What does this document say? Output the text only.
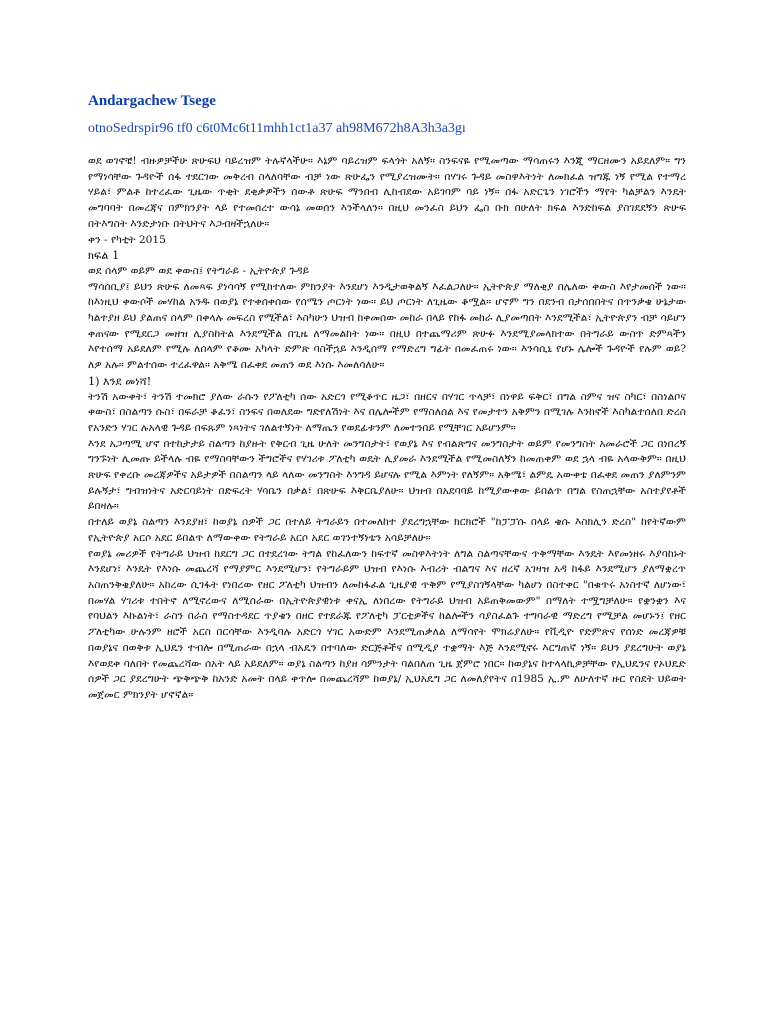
Andargachew Tsege
otnoSedrspir96 tf0 c6t0Mc6t11mhh1ct1a37 ah98M672h8A3h3a3gı

ወደ ወገኖቼ! ብዙዎቻችሁ ጽሁፍህ ባይረዝም ትሉኛላችሁ። እኔም ባይረዝም ፍላጎት አለኝ። ስንፍናዬ የሚመጣው ማሳጠሩን እንጂ ማርዘሙን አይደለም። ግን የማነሳቸው ጉዳዮች ሰፋ ተደርገው መቅረብ ስላለባቸው ብቻ ነው ጽሁፌን የሚያረዝሙት። በሃገሩ ጉዳይ መስዋእትነት ለመክፈል ዝግጁ ነኝ የሚል የተማረ ሃይል፣ ምልቶ ከተረፈው ጊዜው ጥቂት ደቂቃዎችን ሰውቶ ጽሁፍ ማንበብ ሊከብደው አይገባም ባይ ነኝ። ሰፋ አድርጌን ነገሮችን ማየት ካልቻልን እንዴት መግባባት በመረጃና በምክንያት ላይ የተመሰረተ ውሳኔ መወሰን እንችላለን። በዚህ መንፈስ ይህን ፌስ ቡክ በሁለት ክፍል እንድከፍል ያስገደደኝን ጽሁፍ በትእግስት እንድታነቡ በትህትና እጋብዛችኋለሁ።

ቀን - የካቲት 2015

ክፍል 1

ወደ ሰላም ወይም ወደ ቀውስ፤ የትግራይ - ኢትዮጵያ ጉዳይ

ማሳሰቢያ፤ ይህን ጽሁፍ ለመጻፍ ያነሳሳኝ የሚከተለው ምክንያት እንደሆነ እንዲታወቅልኝ እፈልጋለሁ። ኢትዮጵያ ማለቂያ በሌለው ቀውስ እየታመሰች ነው። ከእነዚህ ቀውሶች መሃከል አንዱ በወያኔ የተቀሰቀሰው የሰሜን ጦርነት ነው። ይህ ጦርነት ለጊዜው ቆሟል። ሆኖም ግን በደንብ በታሰበበትና በጥንቃቄ ሁኔታው ካልተያዘ ይህ ያልጠና ሰላም በቀላሉ መፍረስ የሚችል፣ እስካሁን ህዝብ ከቀመሰው መከራ በላይ የከፋ መከራ ሊያመጣበት እንደሚችል፣ ኢትዮጵያን ብቻ ሳይሆን ቀጠናው የሚደርጋ መዘዝ ሊያስከትል እንደሚችል በጊዜ ለማመልከት ነው። በዚህ በተጨማሪም ጽሁፉ እንደሚያመላክተው በትግራይ ውስጥ ድምጻችን እየተሰማ አይደለም የሚሉ ለሰላም የቆሙ አካላት ድምጽ ባስችኋይ እንዲሰማ የማድረግ ግፊት በመፈጠሩ ነው። እንሳሲኒ የሆኑ ሌሎች ጉዳዮች የሉም ወይ? ለዎ አሉ። ምልተሰው ተረፈዋል። አቅሜ በፈቀደ መጠን ወደ እነሱ እመለሳለሁ።

1) እንደ መነሻ!

ትንሽ አውቀት፣ ትንሽ ተመክሮ ያለው ራሱን የፖለቲካ ሰው አድርጎ የሚቆጥር ዜጋ፣ በዘርና በሃገር ጥላቻ፣ በነዋይ ፍቅር፣ በግል ስምና ዝና ስካር፣ በስነልቦና ቀውስ፣ በስልጣን ሱስ፣ በፍራቻ ቆፈን፣ ስንፍና በወለደው ግድየለሽነት እና በሌሎችም የማስለሰል እና የመታተን አቅምን በሚገሉ እንከኖች እስካልተሰለበ ድረስ የአንድን ሃገር ሉአላዊ ጉዳይ በፍጹም ነጻነትና ገለልተኝነት ለማጤን የወደፊቱንም ለመተንበይ የሚቸገር አይሆንም።

እንደ አጋጣሚ ሆኖ በተከታታይ ስልጣን ከያዙት የቅርብ ጊዜ ሁለት መንግስታት፣ የወያኔ እና የብልጽግና መንግስታት ወይም የመንግስት አመራሮች ጋር በነበረኝ ግንኙነት ሊመጡ ይችላሉ ብዬ የማስባቸውን ችግሮችና የሃገሪቱ ፖለቲካ ወዴት ሊያመራ እንደሚችል የሚመስለኝን ከመጠቀም ወደ ኋላ ብዬ አላውቅም። በዚህ ጽሁፍ የቀረቡ መረጃዎችና አይታዎች በስልጣን ላይ ላለው መንግስት እንግዳ ይሆናሉ የሚል እምነት የለኝም። አቅሜ፣ ልምዴ አውቀቴ በፈቀደ መጠን ያለምንም ይሉኝታ፣ ግብዝነትና አድርባይነት በድፍረት ሃሳቤን በቃል፣ በጽሁፍ እቅርቤያለሁ። ህዝብ በአደባባይ ከሚያውቀው ይበልጥ በግል የስጠኋቸው አስተያየቶች ይበዛሉ።

በተለይ ወያኔ ስልጣን እንደያዘ፣ ከወያኔ ሰዎች ጋር በተለይ ትግራይን በተመለከተ ያደረግኋቸው ክርክሮች "ከፓፓሱ በላይ ቄሱ እስክሊን ድረስ" ከየትኛውም የኢትዮጵያ አርሶ አደር ይበልጥ ለማውቀው የትግራይ አርሶ አደር ወገንተኝነቴን አሳይቻለሁ።

የወያኔ መሪዎች የትግራይ ህዝብ ከደርግ ጋር በተደረገው ትግል የከፈለውን ከፍተኛ መስዋእትነት ለግል ስልጣናቸውና ጥቅማቸው እንዴት እየመነዘሩ እያባከኑት እንደሆነ፣ እንዴት የእነሱ መጨረሻ የማያምር እንደሚሆን፣ የትግራይም ህዝብ የእነሱ እብሪት ብልግና እና ዘረኛ አገዛዝ አዳ ከፋይ እንደሚሆን ያለማቋረጥ አስጠንቅቄያለሁ። አከረው ሲገፋት የነበረው የዘር ፖለቲካ ህዝብን ለመከፋፈል ጊዜያዊ ጥቅም የሚያስገኝላቸው ካልሆነ በስተቀር "በቁጥሩ አነስተኛ ለሆነው፣ በመሃል ሃገሪቱ ተበትኖ ለሚኖረውና ለሚሰራው በኢትዮጵያዊነቱ ቀናኢ ለነበረው የትግራይ ህዝብ አይጠቅመውም" በማለት ተሟግቻለሁ። የቋንቋን እና የባህልን እኩልነት፣ ራስን በራስ የማስተዳደር ጥያቄን በዘር የተደራጁ የፖለቲካ ፓርቲዎችና ከልሎችን ሳያስፈልጉ ተግባራዊ ማድረግ የሚቻል መሆኑን፤ የዘር ፖለቲካው ሁሉንም ዘሮች አርስ በርሳቸው እንዲባሉ አድርጎ ሃገር አውድም እንደሚጠቃለል ለማሳየት ሞክሬያለሁ። የቪዲዮ የድምጽና የሰነድ መረጃዎቹ በወያኔና በወቅቱ ኢህዴን ተብሎ በሚጠራው በኋላ ብአዴን በተባለው ድርጅቶችና በሚዲያ ተቋማት እጅ እንደሚኖሩ እርግጠኛ ነኝ። ይህን ያደረግሁት ወያኔ እየወደቀ ባለበት የመጨረሻው ሰአት ላይ አይደለም። ወያኔ ስልጣን ከያዘ ሳምንታት ባልበለጠ ጊዜ ጀምሮ ነበር። ከወያኔና ከተላላኪዎቻቸው የኢህዴንና የኦህዴድ ሰዎች ጋር ያደረግሁት ጭቅጭቅ ከአንድ አመት በላይ ቀጥሎ በመጨረሻም ከወያኔ/ ኢህአዴግ ጋር ለመለያየትና በ1985 ኢ.ም ለሁለተኛ ዙር የስደት ህይወት መጀመር ምክንያት ሆኖኛል።
